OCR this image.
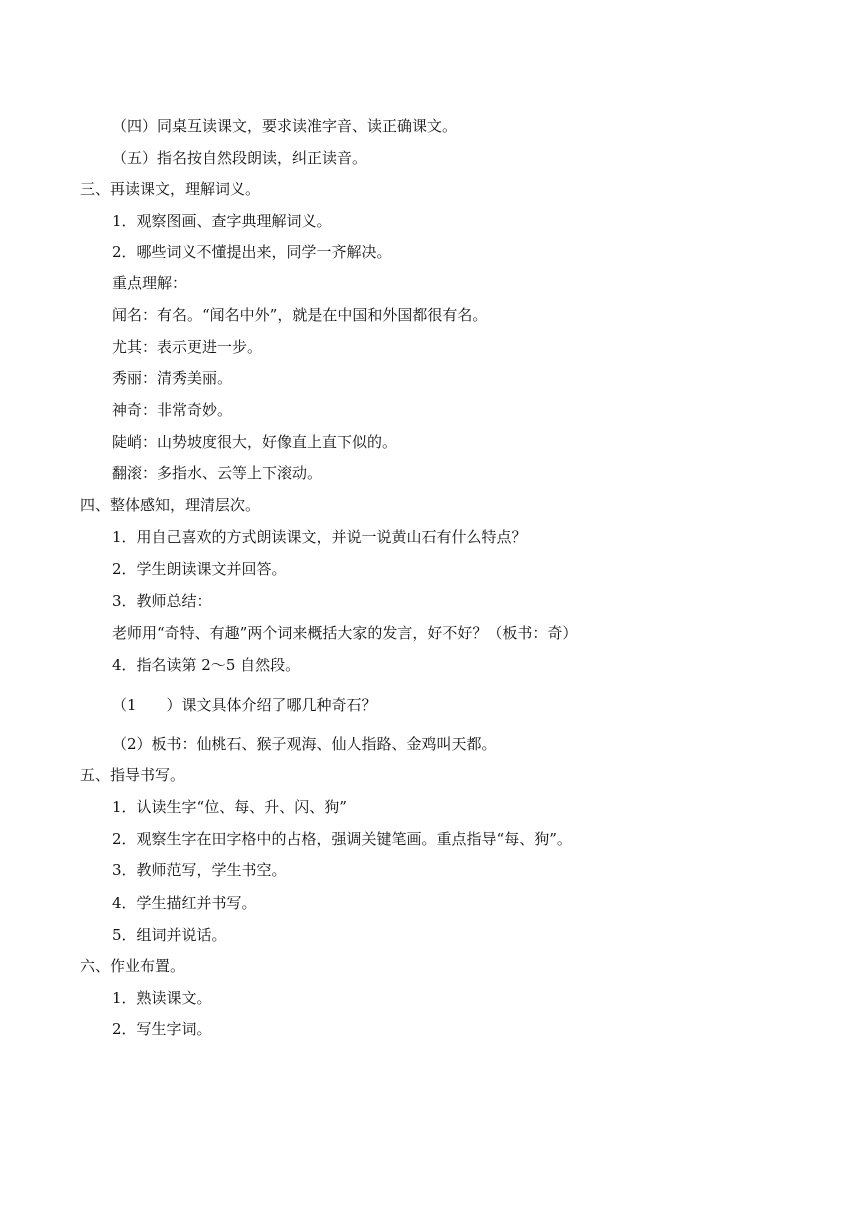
（四）同桌互读课文，要求读准字音、读正确课文。
（五）指名按自然段朗读，纠正读音。
三、再读课文，理解词义。
1．观察图画、查字典理解词义。
2．哪些词义不懂提出来，同学一齐解决。
重点理解：
闻名：有名。“闻名中外”，就是在中国和外国都很有名。
尤其：表示更进一步。
秀丽：清秀美丽。
神奇：非常奇妙。
陡峭：山势坡度很大，好像直上直下似的。
翻滚：多指水、云等上下滚动。
四、整体感知，理清层次。
1．用自己喜欢的方式朗读课文，并说一说黄山石有什么特点？
2．学生朗读课文并回答。
3．教师总结：
老师用“奇特、有趣”两个词来概括大家的发言，好不好？（板书：奇）
4．指名读第 2～5 自然段。
（1　　）课文具体介绍了哪几种奇石？
（2）板书：仙桃石、猴子观海、仙人指路、金鸡叫天都。
五、指导书写。
1．认读生字“位、每、升、闪、狗”
2．观察生字在田字格中的占格，强调关键笔画。重点指导“每、狗”。
3．教师范写，学生书空。
4．学生描红并书写。
5．组词并说话。
六、作业布置。
1．熟读课文。
2．写生字词。
